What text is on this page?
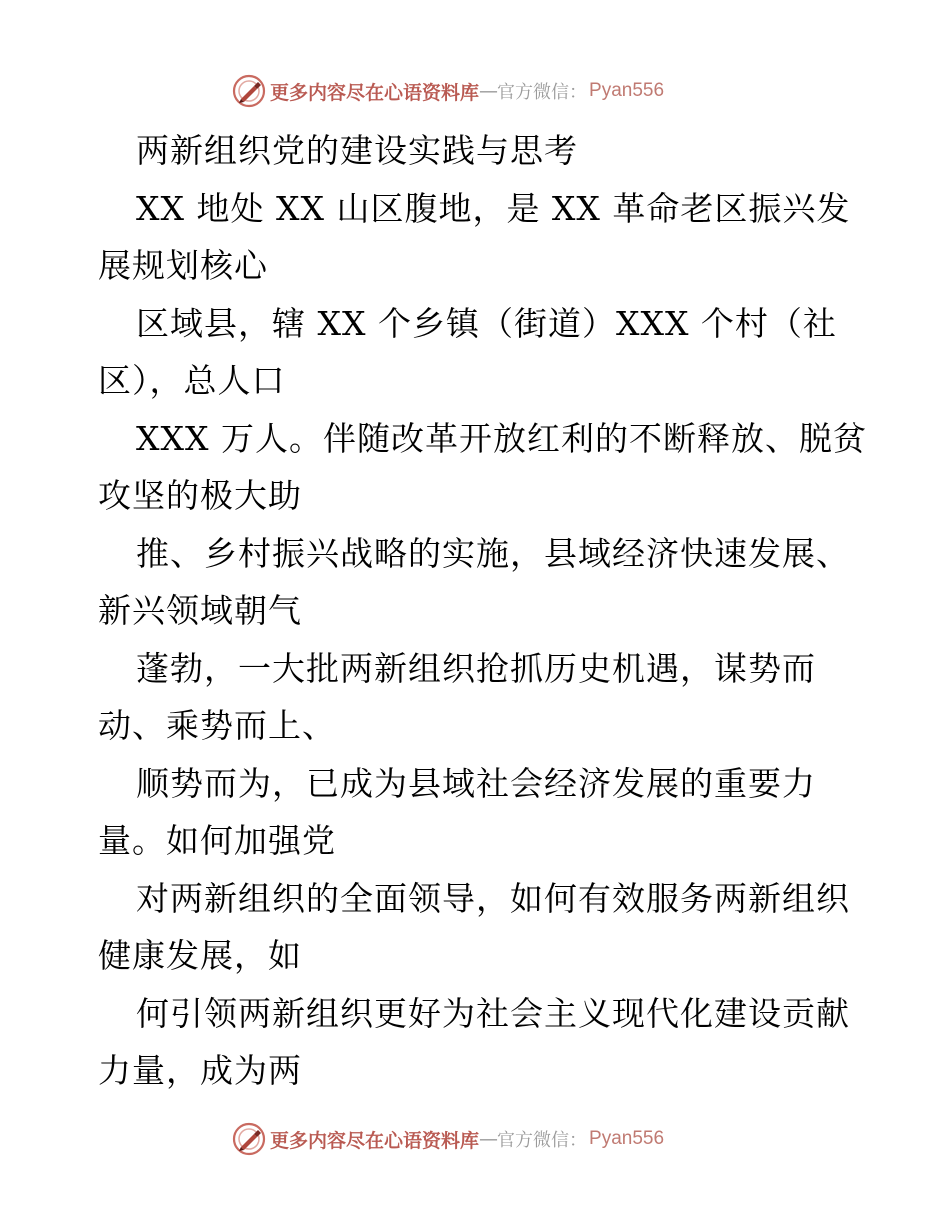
更多内容尽在心语资料库 — 官方微信： Pyan556
两新组织党的建设实践与思考
XX 地处 XX 山区腹地，是 XX 革命老区振兴发
展规划核心
区域县，辖 XX 个乡镇（街道）XXX 个村（社
区），总人口
XXX 万人。伴随改革开放红利的不断释放、脱贫
攻坚的极大助
推、乡村振兴战略的实施，县域经济快速发展、
新兴领域朝气
蓬勃，一大批两新组织抢抓历史机遇，谋势而
动、乘势而上、
顺势而为，已成为县域社会经济发展的重要力
量。如何加强党
对两新组织的全面领导，如何有效服务两新组织
健康发展，如
何引领两新组织更好为社会主义现代化建设贡献
力量，成为两
更多内容尽在心语资料库 — 官方微信： Pyan556
